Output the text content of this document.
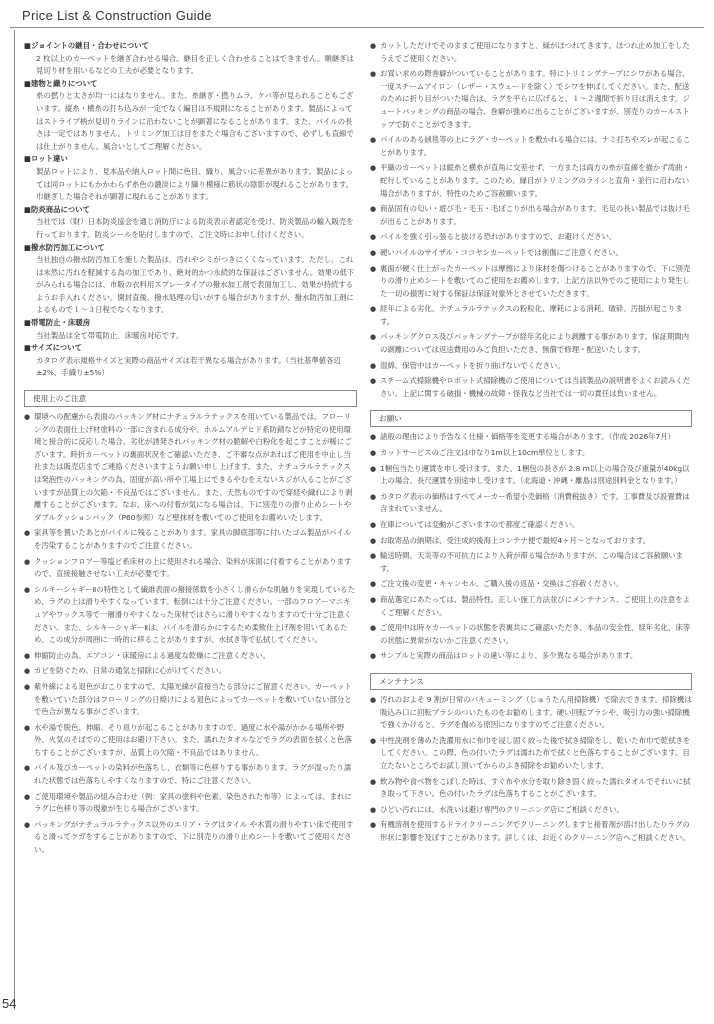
Price List & Construction Guide
54

■ジョイントの継目・合わせについて

2 枚以上のカーペットを継ぎ合わせる場合、継目を正しく合わせることはできません。順継ぎは見切り材を用いるなどの工夫が必要となります。

■建物と織りについて

糸の撚りと太さが均一にはなりません。また、糸継ぎ・撚りムラ、ケバ等が見られることもございます。縦糸・横糸の打ち込みが一定でなく編目は不規則になることがあります。製品によってはストライプ柄が見切りラインに沿わないことが顕著になることがあります。また、パイルの長さは一定ではありません。トリミング加工は目をまたぐ場合もございますので、必ずしも直線では仕上がりません。風合いとしてご理解ください。

■ロット違い

製品ロットにより、見本品や納入ロット間に色目、織り、風合いに差異があります。製品によっては同ロットにもかかわらず糸色の濃淡により織り模様に筋状の陰影が現れることがあります。巾継ぎした場合それが顕著に現れることがあります。

■防炎商品について

当社では（財）日本防炎協会を通じ消防庁による防炎表示者認定を受け、防炎製品の輸入販売を行っております。防炎シールを貼付しますので、ご注文時にお申し付けください。

■撥水防汚加工について

当社独自の撥水防汚加工を施した製品は、汚れやシミがつきにくくなっています。ただし、これは未然に汚れを軽減する為の加工であり、絶対的かつ永続的な保証はございません。効果の低下がみられる場合には、市販の衣料用スプレータイプの撥水加工剤で表面加工し、効果が持続するようお手入れください。開封直後、撥水処理の匂いがする場合がありますが、撥水防汚加工剤によるもので１～３日程でなくなります。

■帯電防止・床暖房

当社製品は全て帯電防止、床暖房対応です。

■サイズについて

カタログ表示規格サイズと実際の商品サイズは若干異なる場合があります。（当社基準値各辺±2%、手織り±5%）

使用上のご注意
● 環境への配慮から表面のパッキング材にナチュラルラテックスを用いている製品では、フローリングの表面仕上げ材塗料の一部に含まれる成分や、ホルムアルデヒド系防錆などが特定の使用環境と接合的に反応した場合、劣化が誘発されパッキング材の脆解や白粉化を起こすことが稀にございます。時折カーペットの裏面状況をご確認いただき、ご不審な点があればご使用を中止し当社または販売店までご連絡くださいますようお願い申し上げます。また、ナチュラルラテックスは発泡性のパッキングの為、固度が高い所や工場上にできるやむをえないスジが入ることがございますが品質上の欠陥・不良品ではございません。また、天然ものですので穿経や織れにより剥離することがございます。なお、床への付着が気になる場合は、下に別売りの滑り止めシートやダブルクッションパック（P60参照）など壁抹材を敷いてのご使用をお薦めいたします。
● 家具等を置いたあとがパイルに残ることがあります。家具の脚底部等に付いたゴム製品がパイルを汚染することがありますのでご注意ください。
● クッションフロアー等塩ビ系床材の上に使用される場合、染料が床面に付着することがありますので、直接接触させない工夫が必要です。
● シルキーシャギーⅡの特性として繊維表面の撥接係数を小さくし滑らかな肌触りを実現しているため、ラグの上は滑りやすくなっています。転倒には十分ご注意ください。一部のフロアーマニキュアやワックス等で一層滑りやすくなった床材ではさらに滑りやすくなりますので十分ご注意ください。また、シルキーシャギーⅡは、パイルを滑らかにするため柔軟仕上げ剤を用いてあるため、この成分が周囲に一時的に移ることがありますが、水拭き等で払拭してください。
● 伸縮防止の為、エアコン・床暖房による過度な乾燥にご注意ください。
● カビを防ぐため、日常の通気と掃除に心がけてください。
● 紫外線による退色がおこりますので、太陽光線が直接当たる部分にご留意ください。カーペットを敷いていた部分はフローリングの日焼けによる退色によってカーペットを敷いていない部分とで色合が異なる事がございます。
● 水や湯で脱色、伸縮、そり返りが起こることがありますので、過度に水や湯がかかる場所や野外、火気のそばでのご使用はお避け下さい。また、濡れたタオルなどでラグの表面を拭くと色落ちすることがございますが、品質上の欠陥・不良品ではありません。
● パイル及びカーペットの染料が色落ちし、衣類等に色移りする事があります。ラグが湿ったり濡れた状態では色落ちしやすくなりますので、特にご注意ください。
● ご使用環境や製品の組み合わせ（例：家具の塗料や色素、染色された布等）によっては、まれにラグに色移り等の現象が生じる場合がございます。
● パッキングがナチュラルラテックス以外のエリア・ラグはタイル や木質の滑りやすい床で使用すると滑ってケガをすることがありますので、下に別売りの滑り止めシートを敷いてご使用ください。
● カットしただけでそのままご使用になりますと、緑がほつれてきます。ほつれ止め加工をしたうえでご使用ください。
● お買い求めの際巻癖がついていることがあります。特にトリミングテープにシワがある場合、一度スチームアイロン（レザー・スウェードを除く）でシワを伸ばしてください。また、配送のために折り目がついた場合は、ラグを平らに広げると、１～２週間で折り目は消えます。ジュートバッキングの商品の場合、巻癖が強めに出ることがございますが、別売りのカールストップで防ぐことができます。
● パイルのある絨毯等の上にラグ・カーペットを敷かれる場合には、ナミ打ちやズレが起こることがあります。
● 平織のカーペットは縦糸と横糸が直角に交差せず、一方または両方の糸が直線を描かず湾曲・蛇行していることがあります。このため、縁目がトリミングのラインと直角・並行に沿わない場合がありますが、特性のためご容赦願います。
● 商品固有の匂い・遊び毛・毛玉・毛ぼこりが出る場合があります。毛足の長い製品では抜け毛が出ることがあります。
● パイルを強く引っ張ると抜ける恐れがありますので、お避けください。
● 硬いパイルのサイザル・ココヤシカーペットでは創傷にご注意ください。
● 裏面が硬く仕上がったカーペットは摩擦により床材を傷つけることがありますので、下に別売りの滑り止めシートを敷いてのご使用をお薦めします。上記方法以外でのご使用により発生した一切の損害に対する保証は保証対象外とさせていただきます。
● 経年による劣化、ナチュラルラテックスの粉粒化、摩耗による消耗、破砕、汚損が起こります。
● パッキングクロス及びパッキングテープが経年劣化により剥離する事があります。保証期間内の剥離については返送費用のみご負担いただき、無償で修理・配送いたします。
● 湿綿、保管中はカーペットを折り曲げないでください。
● スチーム式掃除機やロボット式掃除機のご使用については当該製品の説明書をよくお読みください。上記に関する破損・機械の故障・怪我など当社では一切の責任は負いません。
お願い
● 諸般の理由により予告なく仕様・価格等を変更する場合があります。（作成 2026年7月）
● カットサービスのご注文は巾なり1m以上10cm単位とします。
● 1梱包当たり運賃を申し受けます。また、1梱包の長さが 2.8 m以上の場合及び重量が40kg以上の場合、長尺運賃を別途申し受けます。（北海道・沖縄・離島は別途別料金となります。）
● カタログ表示の価格はすべてメーカー希望小売価格（消費税抜き）です。工事費及び設置費は含まれていません。
● 在庫については変動がございますので都度ご確認ください。
● お取寄品の納期は、受注成約後海上コンテナ便で最短4ヶ月～となっております。
● 輸送時間、天災等の不可抗力により入荷が滞る場合がありますが、この場合はご容赦願います。
● ご注文後の変更・キャンセル、ご購入後の返品・交換はご容赦ください。
● 商品選定にあたっては、製品特性、正しい施工方法並びにメンテナンス、ご使用上の注意をよくご理解ください。
● ご使用中は時々カーペットの状態を表裏共にご確認いただき、本品の安全性、経年劣化、床等の状態に異常がないかご注意ください。
● サンプルと実際の商品はロットの違い等により、多少異なる場合があります。
メンテナンス
● 汚れのおよそ 9 割が日常のバキューミング（じゅうたん用掃除機）で除去できます。掃除機は吸込み口に回転ブラシのついたものをお勧めします。硬い回転ブラシや、吸引力の強い掃除機で強くかけると、ラグを傷める原因になりますのでご注意ください。
● 中性洗剤を薄めた洗濯用水に布巾を浸し固く絞った後で拭き掃除をし、乾いた布巾で乾拭きをしてください。この際、色の付いたラグは濡れた布で拭くと色落ちすることがございます。目立たないところでお試し頂いてからのふき掃除をお勧めいたします。
● 飲み物や食べ物をこぼした時は、すぐ布や水分を取り除き固く絞った濡れタオルでそれいに拭き取って下さい。色の付いたラグは色落ちすることがございます。
● ひどい汚れには、水洗いは避け専門のクリーニング店にご相談ください。
● 有機溶剤を使用するドライクリーニングでクリーニングしますと接着剤が溶け出したりラグの形状に影響を及ぼすことがあります。詳しくは、お近くのクリーニング店へご相談ください。
